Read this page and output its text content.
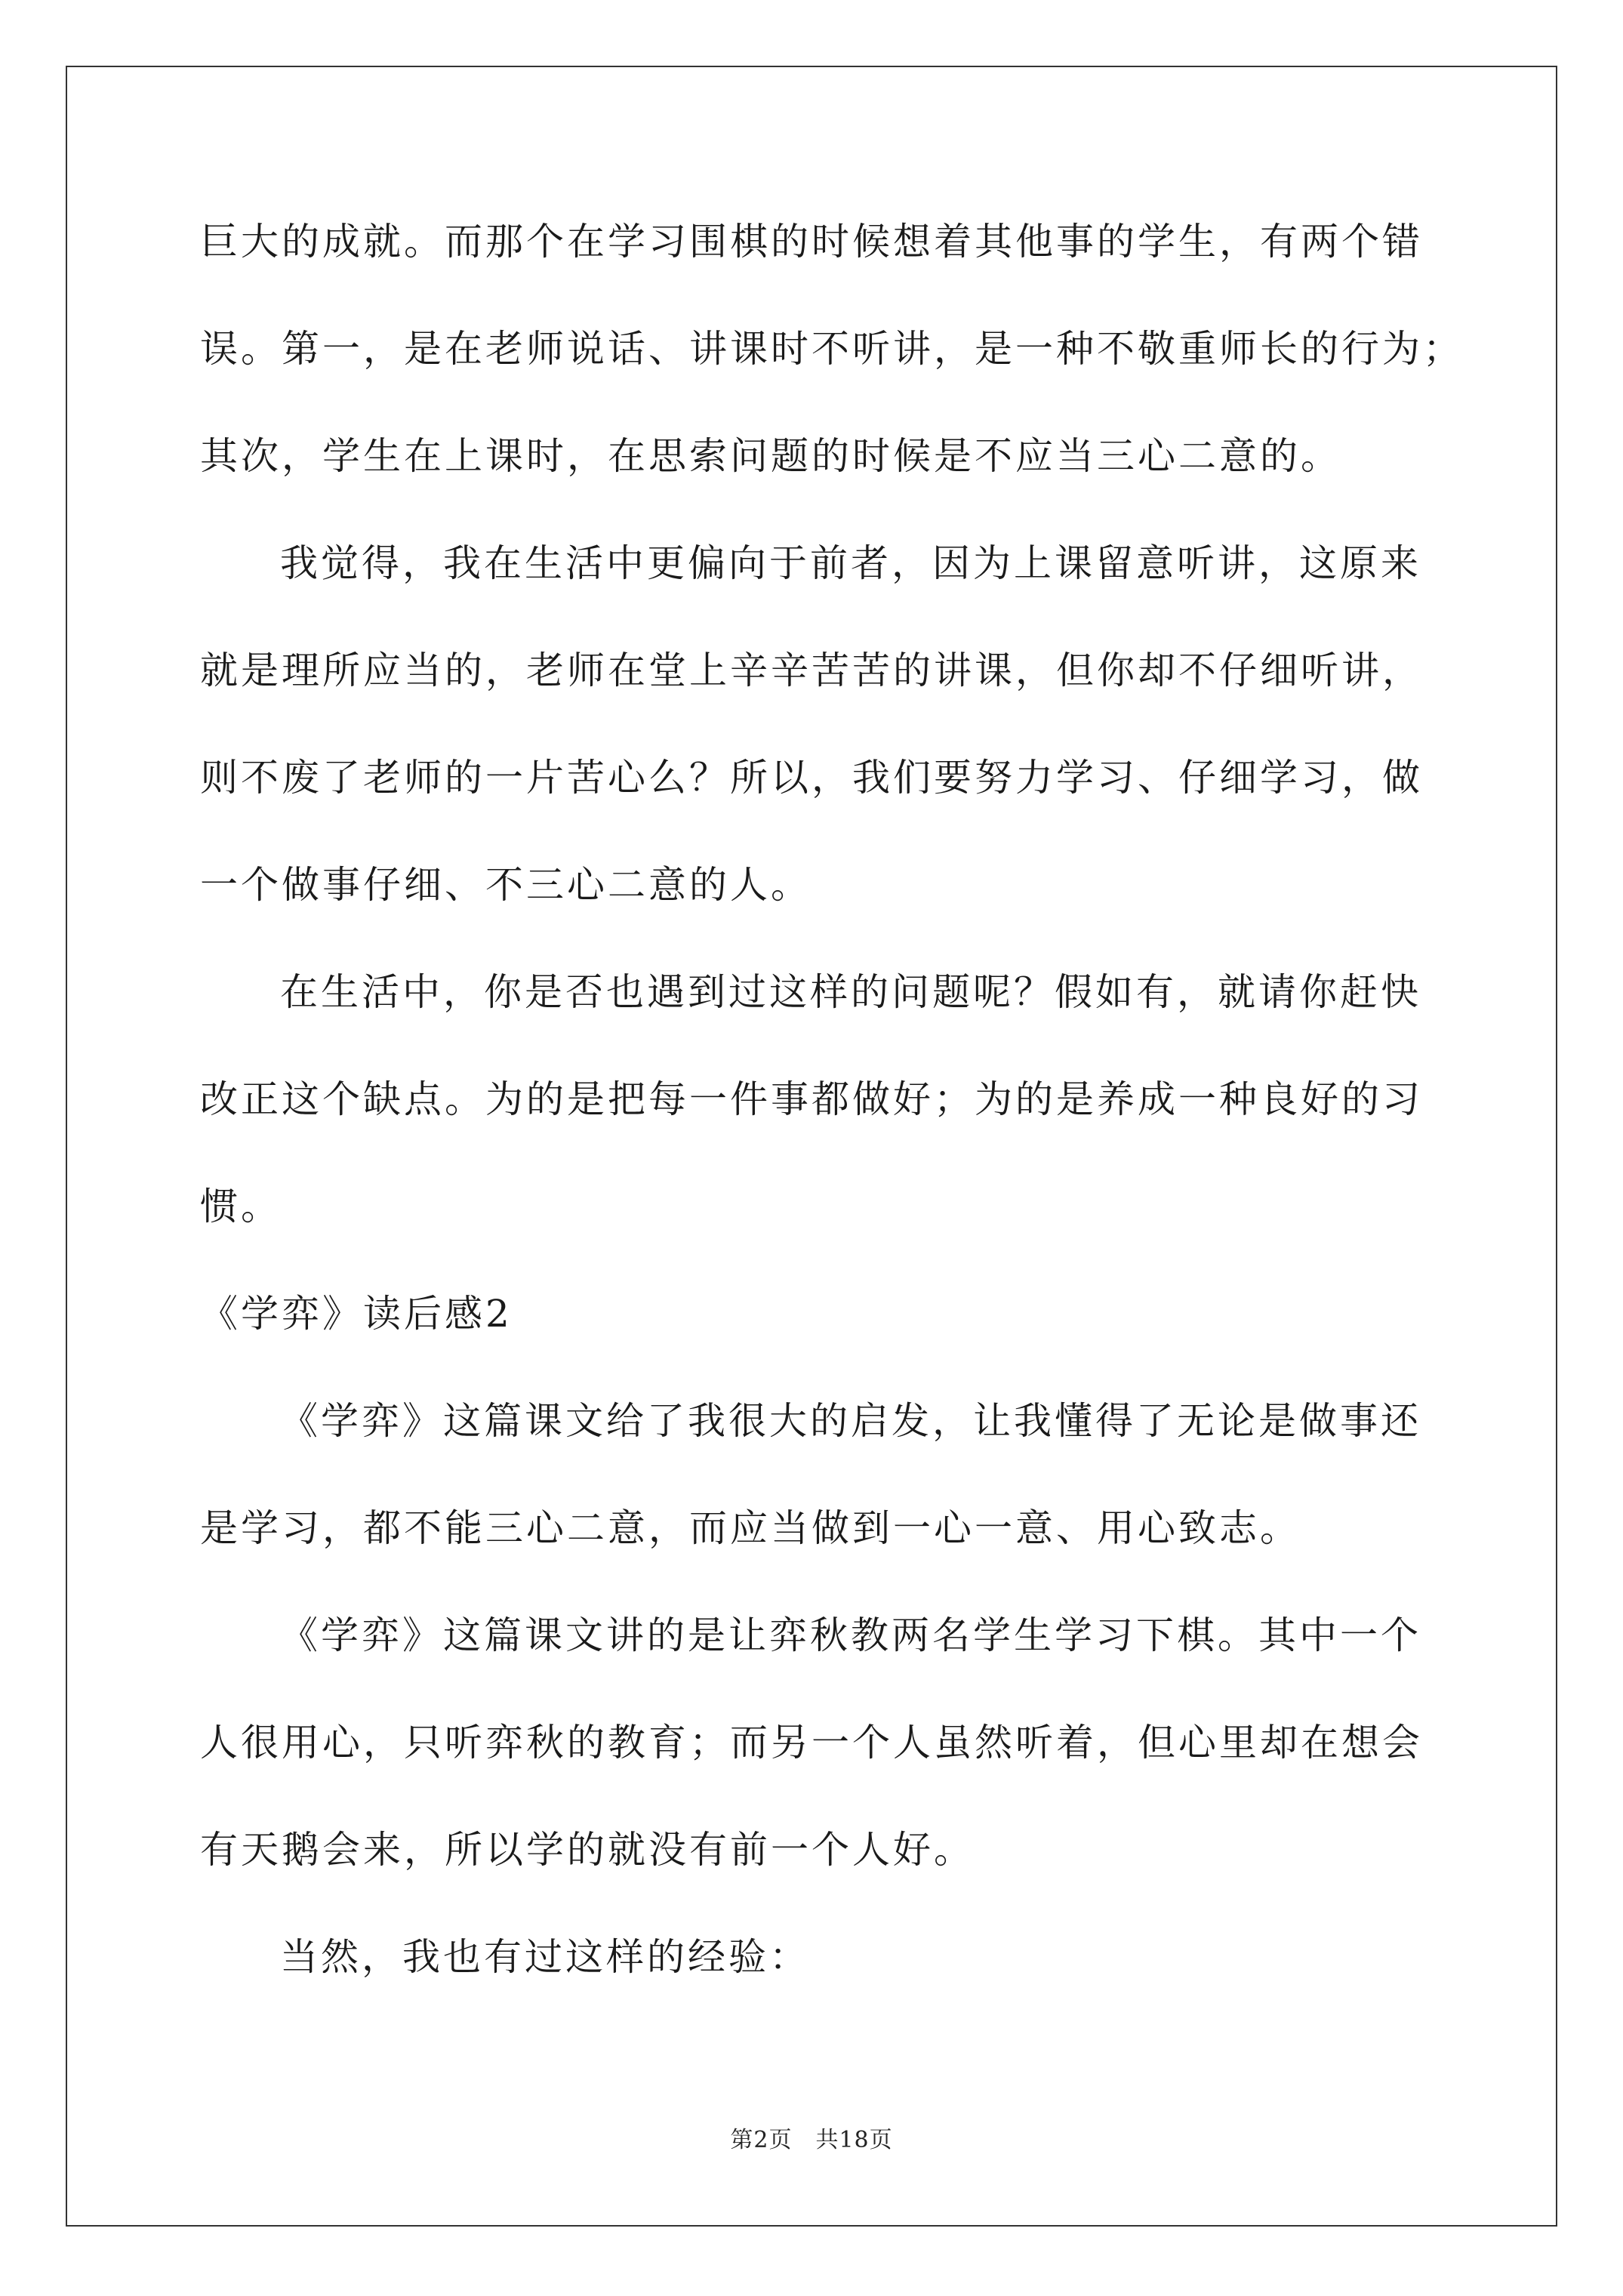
巨大的成就。而那个在学习围棋的时候想着其他事的学生，有两个错
误。第一，是在老师说话、讲课时不听讲，是一种不敬重师长的行为；
其次，学生在上课时，在思索问题的时候是不应当三心二意的。
我觉得，我在生活中更偏向于前者，因为上课留意听讲，这原来
就是理所应当的，老师在堂上辛辛苦苦的讲课，但你却不仔细听讲，
则不废了老师的一片苦心么？所以，我们要努力学习、仔细学习，做
一个做事仔细、不三心二意的人。
在生活中，你是否也遇到过这样的问题呢？假如有，就请你赶快
改正这个缺点。为的是把每一件事都做好；为的是养成一种良好的习
惯。
《学弈》读后感2
《学弈》这篇课文给了我很大的启发，让我懂得了无论是做事还
是学习，都不能三心二意，而应当做到一心一意、用心致志。
《学弈》这篇课文讲的是让弈秋教两名学生学习下棋。其中一个
人很用心，只听弈秋的教育；而另一个人虽然听着，但心里却在想会
有天鹅会来，所以学的就没有前一个人好。
当然，我也有过这样的经验：
第2页　共18页
